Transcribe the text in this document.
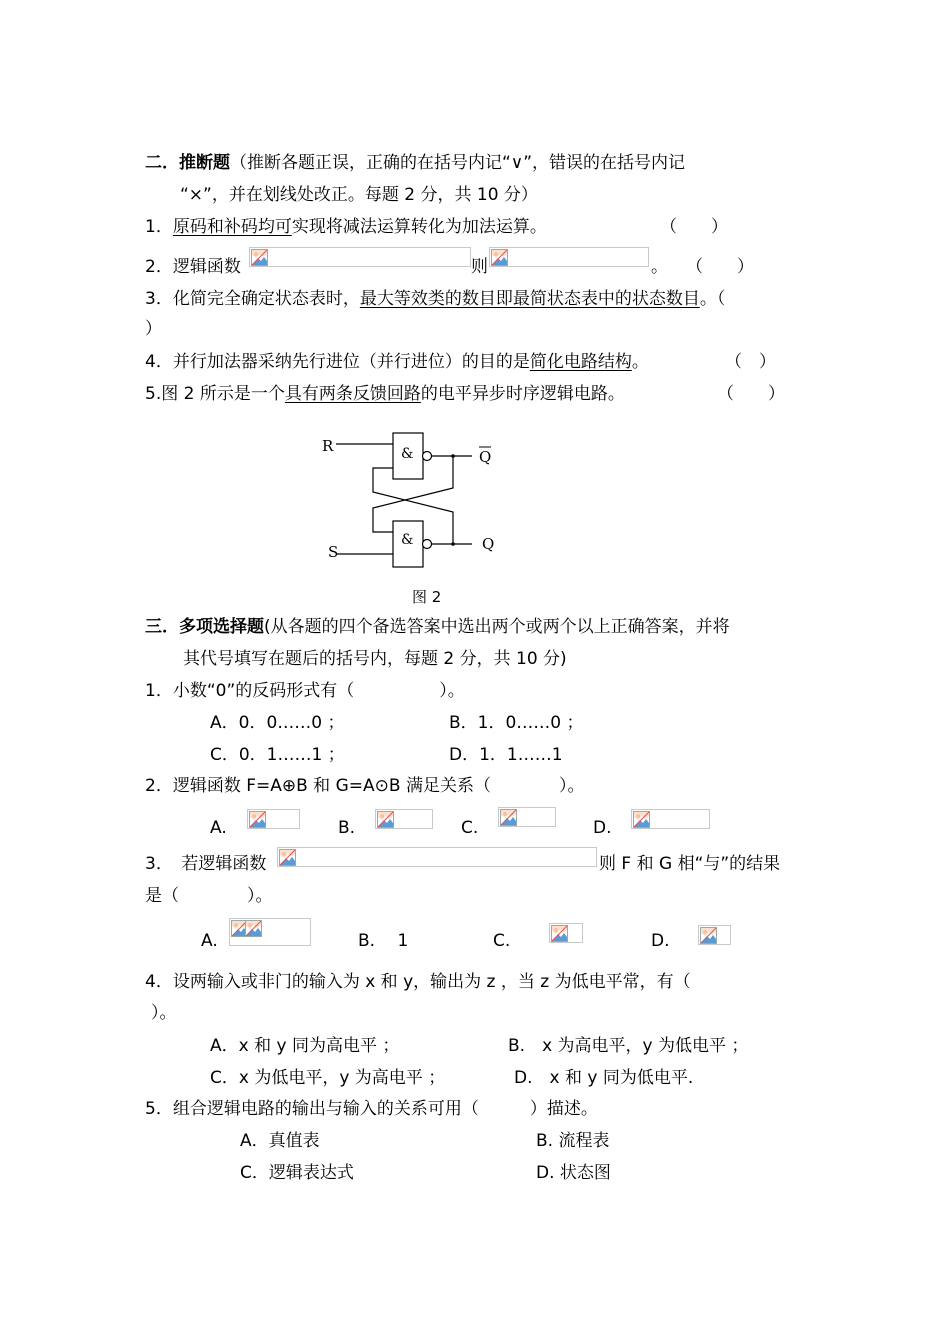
二．推断题（推断各题正误，正确的在括号内记“∨”，错误的在括号内记
“×”，并在划线处改正。每题 2 分，共 10 分）
1．原码和补码均可实现将减法运算转化为加法运算。	（　　）
2．逻辑函数	则	。 （　　）
3．化简完全确定状态表时，最大等效类的数目即最简状态表中的状态数目。（
）
4．并行加法器采纳先行进位（并行进位）的目的是简化电路结构。	（　）
5.图 2 所示是一个具有两条反馈回路的电平异步时序逻辑电路。	（　　）
R
S
Q
Q
&
&
图 2
三．多项选择题(从各题的四个备选答案中选出两个或两个以上正确答案，并将
其代号填写在题后的括号内，每题 2 分，共 10 分)
1．小数“0”的反码形式有（　　　　　）。
A．0．0……0 ；	B．1．0……0 ；
C．0．1……1 ；	D．1．1……1
2．逻辑函数 F=A⊕B 和 G=A⊙B 满足关系（　　　　）。
A.	B.	C.	D.
3．　若逻辑函数	则 F 和 G 相“与”的结果
是（　　　　）。
A.	B.　 1	C.	D.
4．设两输入或非门的输入为 x 和 y，输出为 z ，当 z 为低电平常，有（
）。
A．x 和 y 同为高电平 ；	B.　x 为高电平，y 为低电平 ；
C．x 为低电平，y 为高电平 ；	D.　x 和 y 同为低电平.
5．组合逻辑电路的输出与输入的关系可用（　　　）描述。
A．真值表	B. 流程表
C．逻辑表达式	D. 状态图
